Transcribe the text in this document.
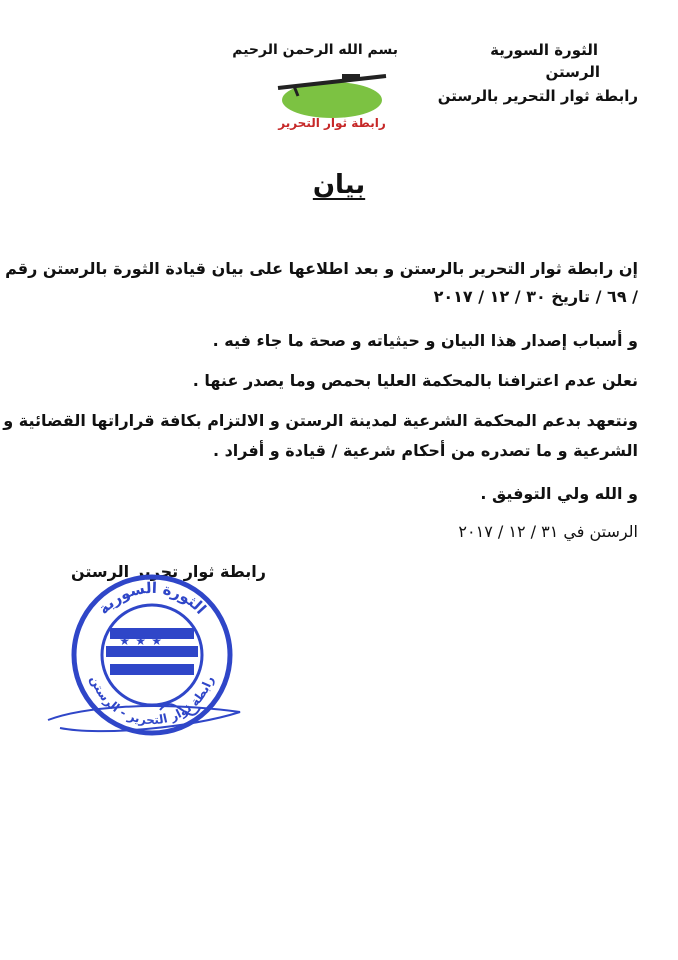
الثورة السورية
الرستن
رابطة ثوار التحرير بالرستن
بسم الله الرحمن الرحيم
رابطة ثوار التحرير
بيان
إن رابطة ثوار التحرير بالرستن و بعد اطلاعها على بيان قيادة الثورة بالرستن رقم
/ ٦٩ / تاريخ ٣٠ / ١٢ / ٢٠١٧
و أسباب إصدار هذا البيان و حيثياته و صحة ما جاء فيه .
نعلن عدم اعترافنا بالمحكمة العليا بحمص وما يصدر عنها .
ونتعهد بدعم المحكمة الشرعية لمدينة الرستن و الالتزام بكافة قراراتها القضائية و
الشرعية و ما تصدره من أحكام شرعية / قيادة و أفراد .
و الله ولي التوفيق .
الرستن في ٣١ / ١٢ / ٢٠١٧
رابطة ثوار تحرير الرستن
★ ★ ★
الثورة السورية
رابطة ثوار التحرير - الرستن
